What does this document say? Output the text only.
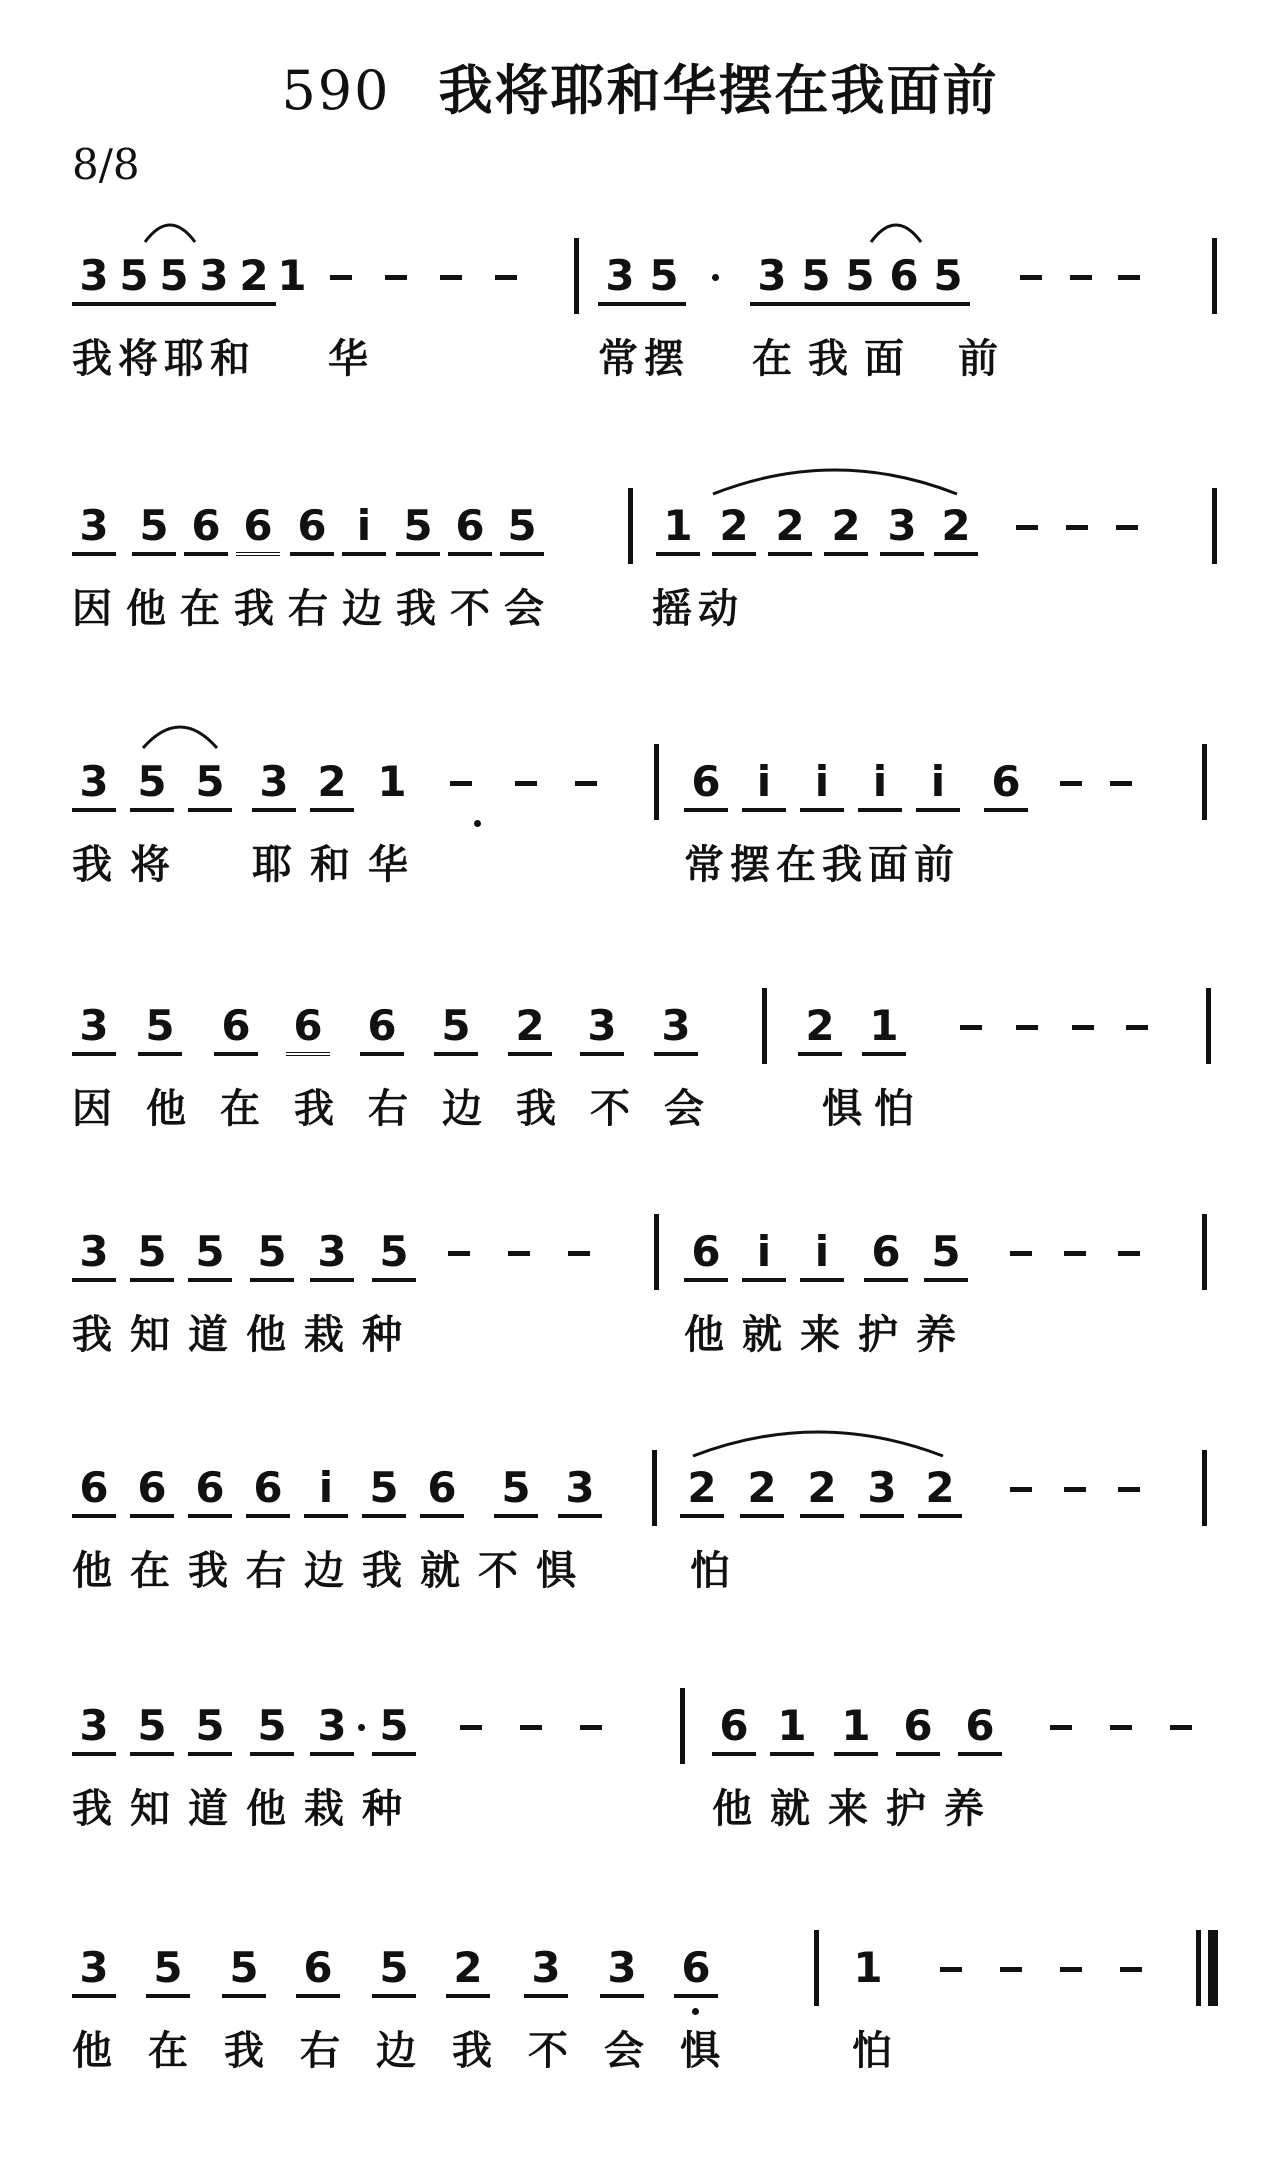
590 我将耶和华摆在我面前
8/8
3 5 5 3 2 1	3 5 3 5 5 6 5
我将耶和 华	常摆 在我面 前
3 5 6 6 6 i 5 6 5	1 2 2 2 3 2
因他在我右边我不会 摇动
3 5 5 3 2 1	6 i	i	i	i	6
我将 耶和华	常摆在我面前
3 5 6 6 6 5 2 3 3	2 1
因他在我右边我不会 惧怕
3 5 5 5 3 5	6 i	i	6 5
我知道他栽种	他就来护养
6 6 6 6 i 5 6 5 3 2 2 2 3 2
他在我右边我就不惧 怕
3 5 5 5 3 5	6 1 1 6 6
我知道他栽种	他就来护养
3 5 5 6 5 2 3 3 6	1
他在我右边我不会惧 怕
